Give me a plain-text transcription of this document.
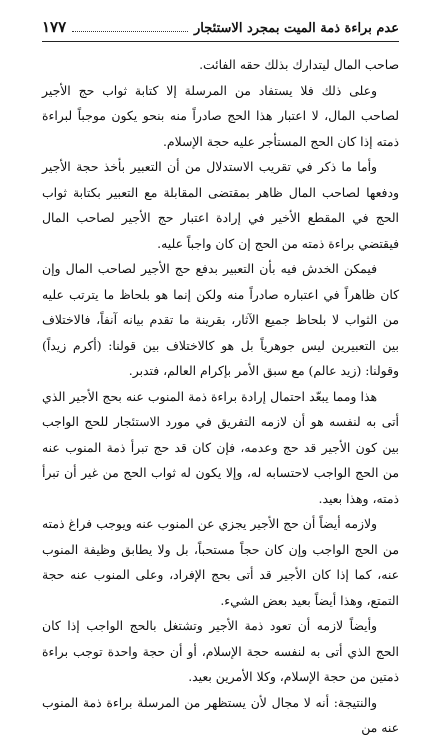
عدم براءة ذمة الميت بمجرد الاستئجار
١٧٧

صاحب المال ليتدارك بذلك حقه الفائت.

وعلى ذلك فلا يستفاد من المرسلة إلا كتابة ثواب حج الأجير لصاحب المال، لا اعتبار هذا الحج صادراً منه بنحو يكون موجباً لبراءة ذمته إذا كان الحج المستأجر عليه حجة الإسلام.

وأما ما ذكر في تقريب الاستدلال من أن التعبير بأخذ حجة الأجير ودفعها لصاحب المال ظاهر بمقتضى المقابلة مع التعبير بكتابة ثواب الحج في المقطع الأخير في إرادة اعتبار حج الأجير لصاحب المال فيقتضي براءة ذمته من الحج إن كان واجباً عليه.

فيمكن الخدش فيه بأن التعبير بدفع حج الأجير لصاحب المال وإن كان ظاهراً في اعتباره صادراً منه ولكن إنما هو بلحاظ ما يترتب عليه من الثواب لا بلحاظ جميع الآثار، بقرينة ما تقدم بيانه آنفاً، فالاختلاف بين التعبيرين ليس جوهرياً بل هو كالاختلاف بين قولنا: (أكرم زيداً) وقولنا: (زيد عالم) مع سبق الأمر بإكرام العالم، فتدبر.

هذا ومما يبعّد احتمال إرادة براءة ذمة المنوب عنه بحج الأجير الذي أتى به لنفسه هو أن لازمه التفريق في مورد الاستئجار للحج الواجب بين كون الأجير قد حج وعدمه، فإن كان قد حج تبرأ ذمة المنوب عنه من الحج الواجب لاحتسابه له، وإلا يكون له ثواب الحج من غير أن تبرأ ذمته، وهذا بعيد.

ولازمه أيضاً أن حج الأجير يجزي عن المنوب عنه ويوجب فراغ ذمته من الحج الواجب وإن كان حجاً مستحباً، بل ولا يطابق وظيفة المنوب عنه، كما إذا كان الأجير قد أتى بحج الإفراد، وعلى المنوب عنه حجة التمتع، وهذا أيضاً بعيد بعض الشيء.

وأيضاً لازمه أن تعود ذمة الأجير وتشتغل بالحج الواجب إذا كان الحج الذي أتى به لنفسه حجة الإسلام، أو أن حجة واحدة توجب براءة ذمتين من حجة الإسلام، وكلا الأمرين بعيد.

والنتيجة: أنه لا مجال لأن يستظهر من المرسلة براءة ذمة المنوب عنه من
